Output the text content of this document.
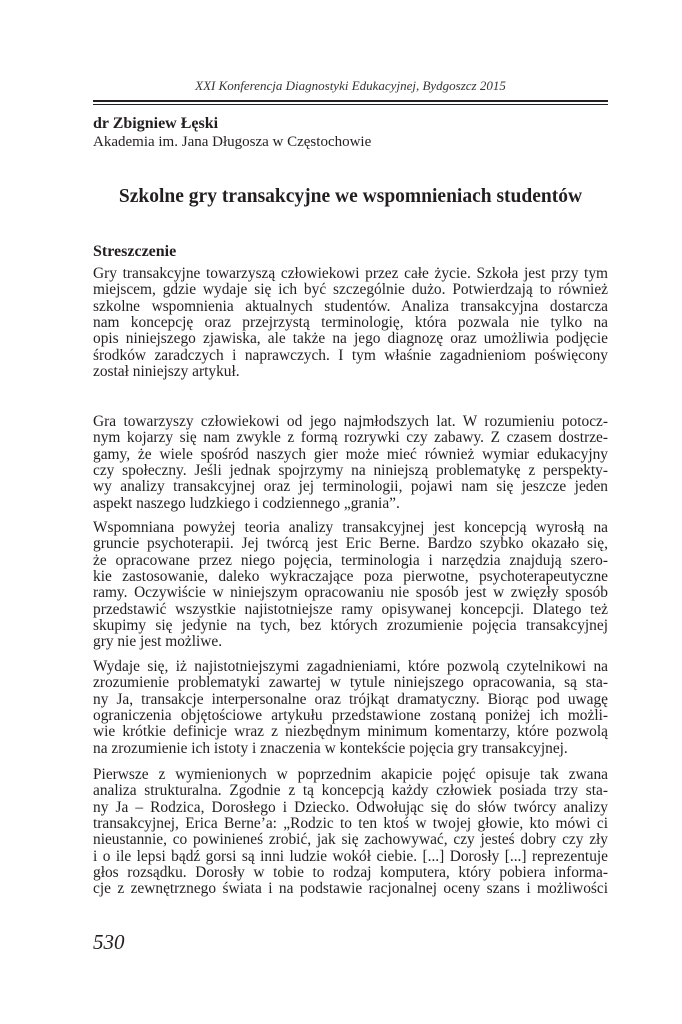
XXI Konferencja Diagnostyki Edukacyjnej, Bydgoszcz 2015
dr Zbigniew Łęski
Akademia im. Jana Długosza w Częstochowie
Szkolne gry transakcyjne we wspomnieniach studentów
Streszczenie
Gry transakcyjne towarzyszą człowiekowi przez całe życie. Szkoła jest przy tym
miejscem, gdzie wydaje się ich być szczególnie dużo. Potwierdzają to również
szkolne wspomnienia aktualnych studentów. Analiza transakcyjna dostarcza
nam koncepcję oraz przejrzystą terminologię, która pozwala nie tylko na
opis niniejszego zjawiska, ale także na jego diagnozę oraz umożliwia podjęcie
środków zaradczych i naprawczych. I tym właśnie zagadnieniom poświęcony
został niniejszy artykuł.
Gra towarzyszy człowiekowi od jego najmłodszych lat. W rozumieniu potocz-
nym kojarzy się nam zwykle z formą rozrywki czy zabawy. Z czasem dostrze-
gamy, że wiele spośród naszych gier może mieć również wymiar edukacyjny
czy społeczny. Jeśli jednak spojrzymy na niniejszą problematykę z perspekty-
wy analizy transakcyjnej oraz jej terminologii, pojawi nam się jeszcze jeden
aspekt naszego ludzkiego i codziennego „grania”.
Wspomniana powyżej teoria analizy transakcyjnej jest koncepcją wyrosłą na
gruncie psychoterapii. Jej twórcą jest Eric Berne. Bardzo szybko okazało się,
że opracowane przez niego pojęcia, terminologia i narzędzia znajdują szero-
kie zastosowanie, daleko wykraczające poza pierwotne, psychoterapeutyczne
ramy. Oczywiście w niniejszym opracowaniu nie sposób jest w zwięzły sposób
przedstawić wszystkie najistotniejsze ramy opisywanej koncepcji. Dlatego też
skupimy się jedynie na tych, bez których zrozumienie pojęcia transakcyjnej
gry nie jest możliwe.
Wydaje się, iż najistotniejszymi zagadnieniami, które pozwolą czytelnikowi na
zrozumienie problematyki zawartej w tytule niniejszego opracowania, są sta-
ny Ja, transakcje interpersonalne oraz trójkąt dramatyczny. Biorąc pod uwagę
ograniczenia objętościowe artykułu przedstawione zostaną poniżej ich możli-
wie krótkie definicje wraz z niezbędnym minimum komentarzy, które pozwolą
na zrozumienie ich istoty i znaczenia w kontekście pojęcia gry transakcyjnej.
Pierwsze z wymienionych w poprzednim akapicie pojęć opisuje tak zwana
analiza strukturalna. Zgodnie z tą koncepcją każdy człowiek posiada trzy sta-
ny Ja – Rodzica, Dorosłego i Dziecko. Odwołując się do słów twórcy analizy
transakcyjnej, Erica Berne’a: „Rodzic to ten ktoś w twojej głowie, kto mówi ci
nieustannie, co powinieneś zrobić, jak się zachowywać, czy jesteś dobry czy zły
i o ile lepsi bądź gorsi są inni ludzie wokół ciebie. [...] Dorosły [...] reprezentuje
głos rozsądku. Dorosły w tobie to rodzaj komputera, który pobiera informa-
cje z zewnętrznego świata i na podstawie racjonalnej oceny szans i możliwości
530
